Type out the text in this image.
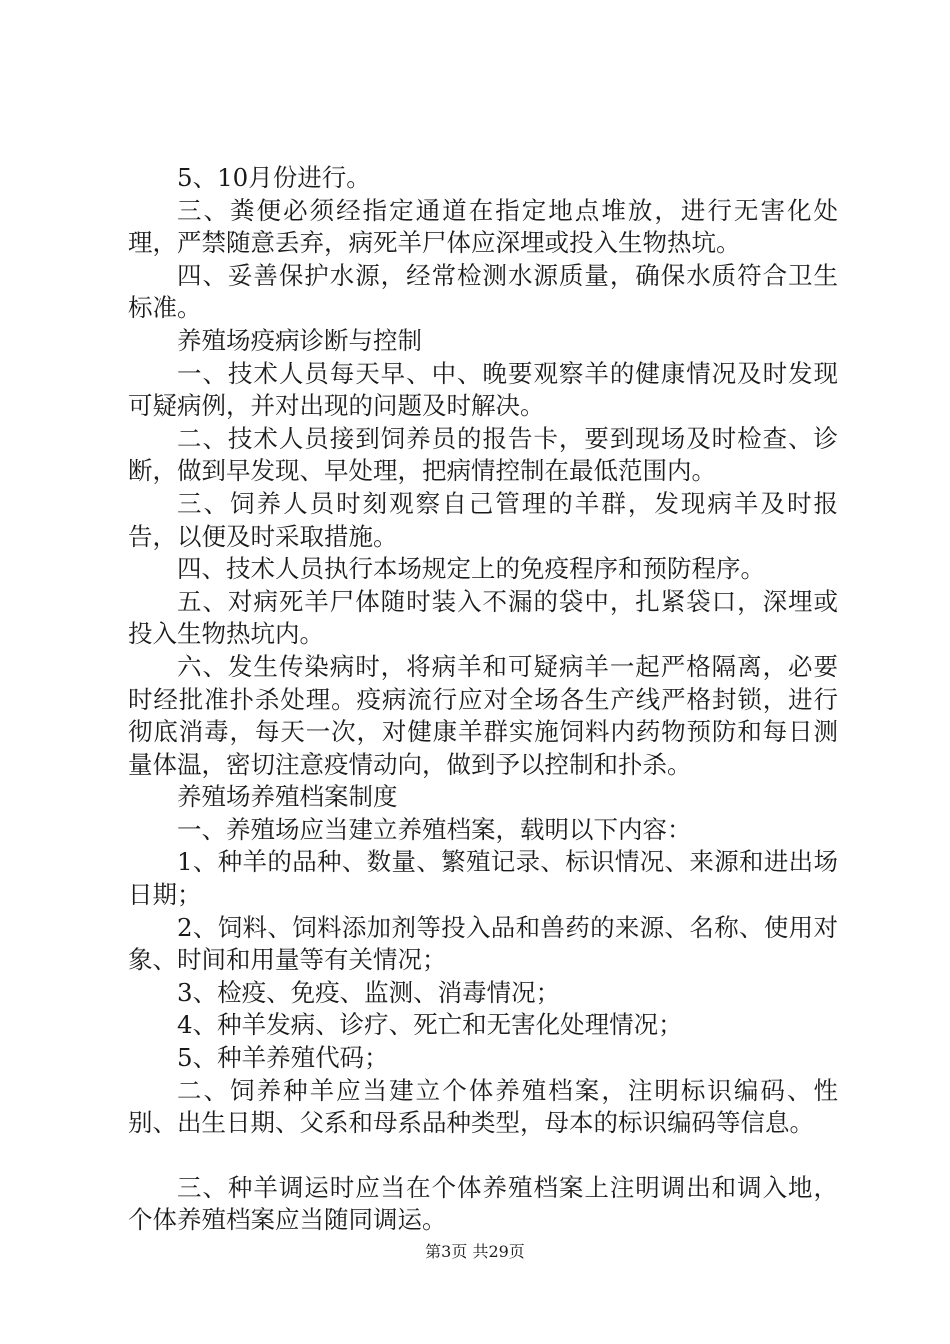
5、10月份进行。

三、粪便必须经指定通道在指定地点堆放，进行无害化处理，严禁随意丢弃，病死羊尸体应深埋或投入生物热坑。

四、妥善保护水源，经常检测水源质量，确保水质符合卫生标准。

养殖场疫病诊断与控制

一、技术人员每天早、中、晚要观察羊的健康情况及时发现可疑病例，并对出现的问题及时解决。

二、技术人员接到饲养员的报告卡，要到现场及时检查、诊断，做到早发现、早处理，把病情控制在最低范围内。

三、饲养人员时刻观察自己管理的羊群，发现病羊及时报告，以便及时采取措施。

四、技术人员执行本场规定上的免疫程序和预防程序。

五、对病死羊尸体随时装入不漏的袋中，扎紧袋口，深埋或投入生物热坑内。

六、发生传染病时，将病羊和可疑病羊一起严格隔离，必要时经批准扑杀处理。疫病流行应对全场各生产线严格封锁，进行彻底消毒，每天一次，对健康羊群实施饲料内药物预防和每日测量体温，密切注意疫情动向，做到予以控制和扑杀。

养殖场养殖档案制度

一、养殖场应当建立养殖档案，载明以下内容：

1、种羊的品种、数量、繁殖记录、标识情况、来源和进出场日期；

2、饲料、饲料添加剂等投入品和兽药的来源、名称、使用对象、时间和用量等有关情况；

3、检疫、免疫、监测、消毒情况；

4、种羊发病、诊疗、死亡和无害化处理情况；

5、种羊养殖代码；

二、饲养种羊应当建立个体养殖档案，注明标识编码、性别、出生日期、父系和母系品种类型，母本的标识编码等信息。

三、种羊调运时应当在个体养殖档案上注明调出和调入地，个体养殖档案应当随同调运。

第3页 共29页
